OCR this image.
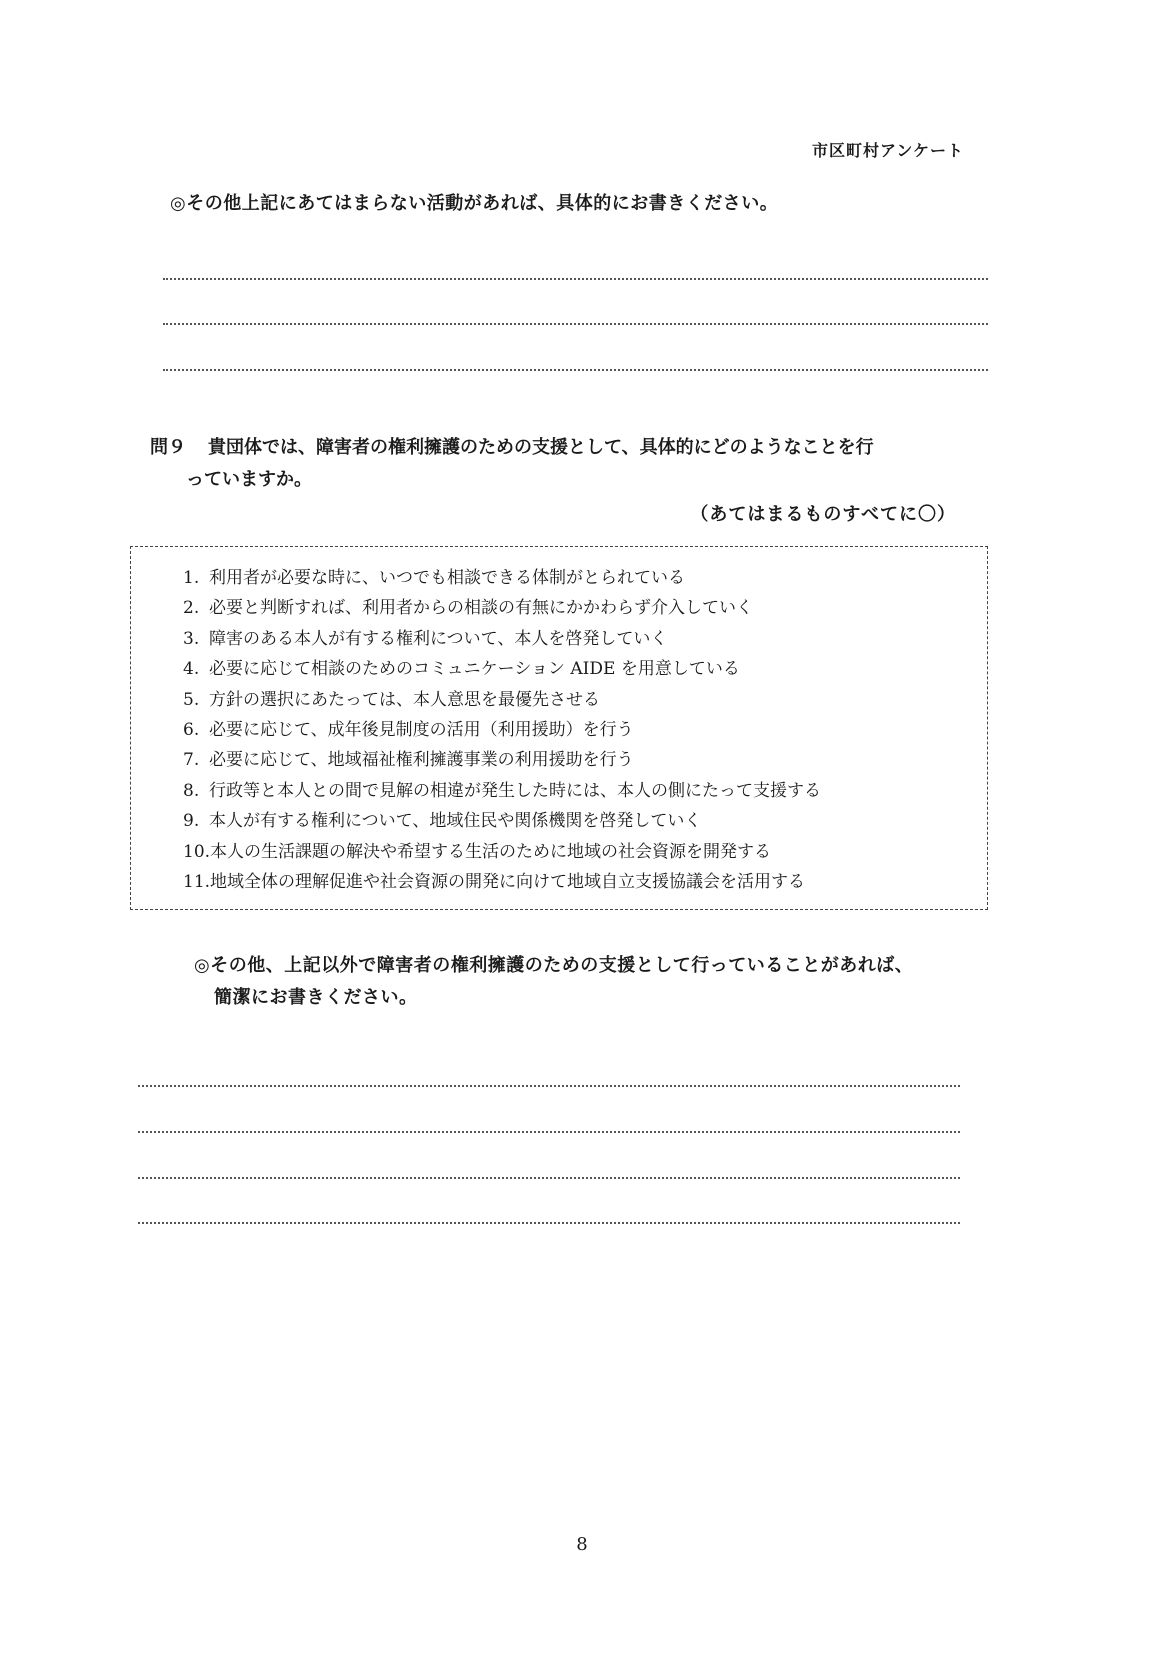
市区町村アンケート
◎その他上記にあてはまらない活動があれば、具体的にお書きください。
問９ 貴団体では、障害者の権利擁護のための支援として、具体的にどのようなことを行
っていますか。
（あてはまるものすべてに〇）
1. 利用者が必要な時に、いつでも相談できる体制がとられている
2. 必要と判断すれば、利用者からの相談の有無にかかわらず介入していく
3. 障害のある本人が有する権利について、本人を啓発していく
4. 必要に応じて相談のためのコミュニケーション AIDE を用意している
5. 方針の選択にあたっては、本人意思を最優先させる
6. 必要に応じて、成年後見制度の活用（利用援助）を行う
7. 必要に応じて、地域福祉権利擁護事業の利用援助を行う
8. 行政等と本人との間で見解の相違が発生した時には、本人の側にたって支援する
9. 本人が有する権利について、地域住民や関係機関を啓発していく
10.本人の生活課題の解決や希望する生活のために地域の社会資源を開発する
11.地域全体の理解促進や社会資源の開発に向けて地域自立支援協議会を活用する
◎その他、上記以外で障害者の権利擁護のための支援として行っていることがあれば、
簡潔にお書きください。
8
